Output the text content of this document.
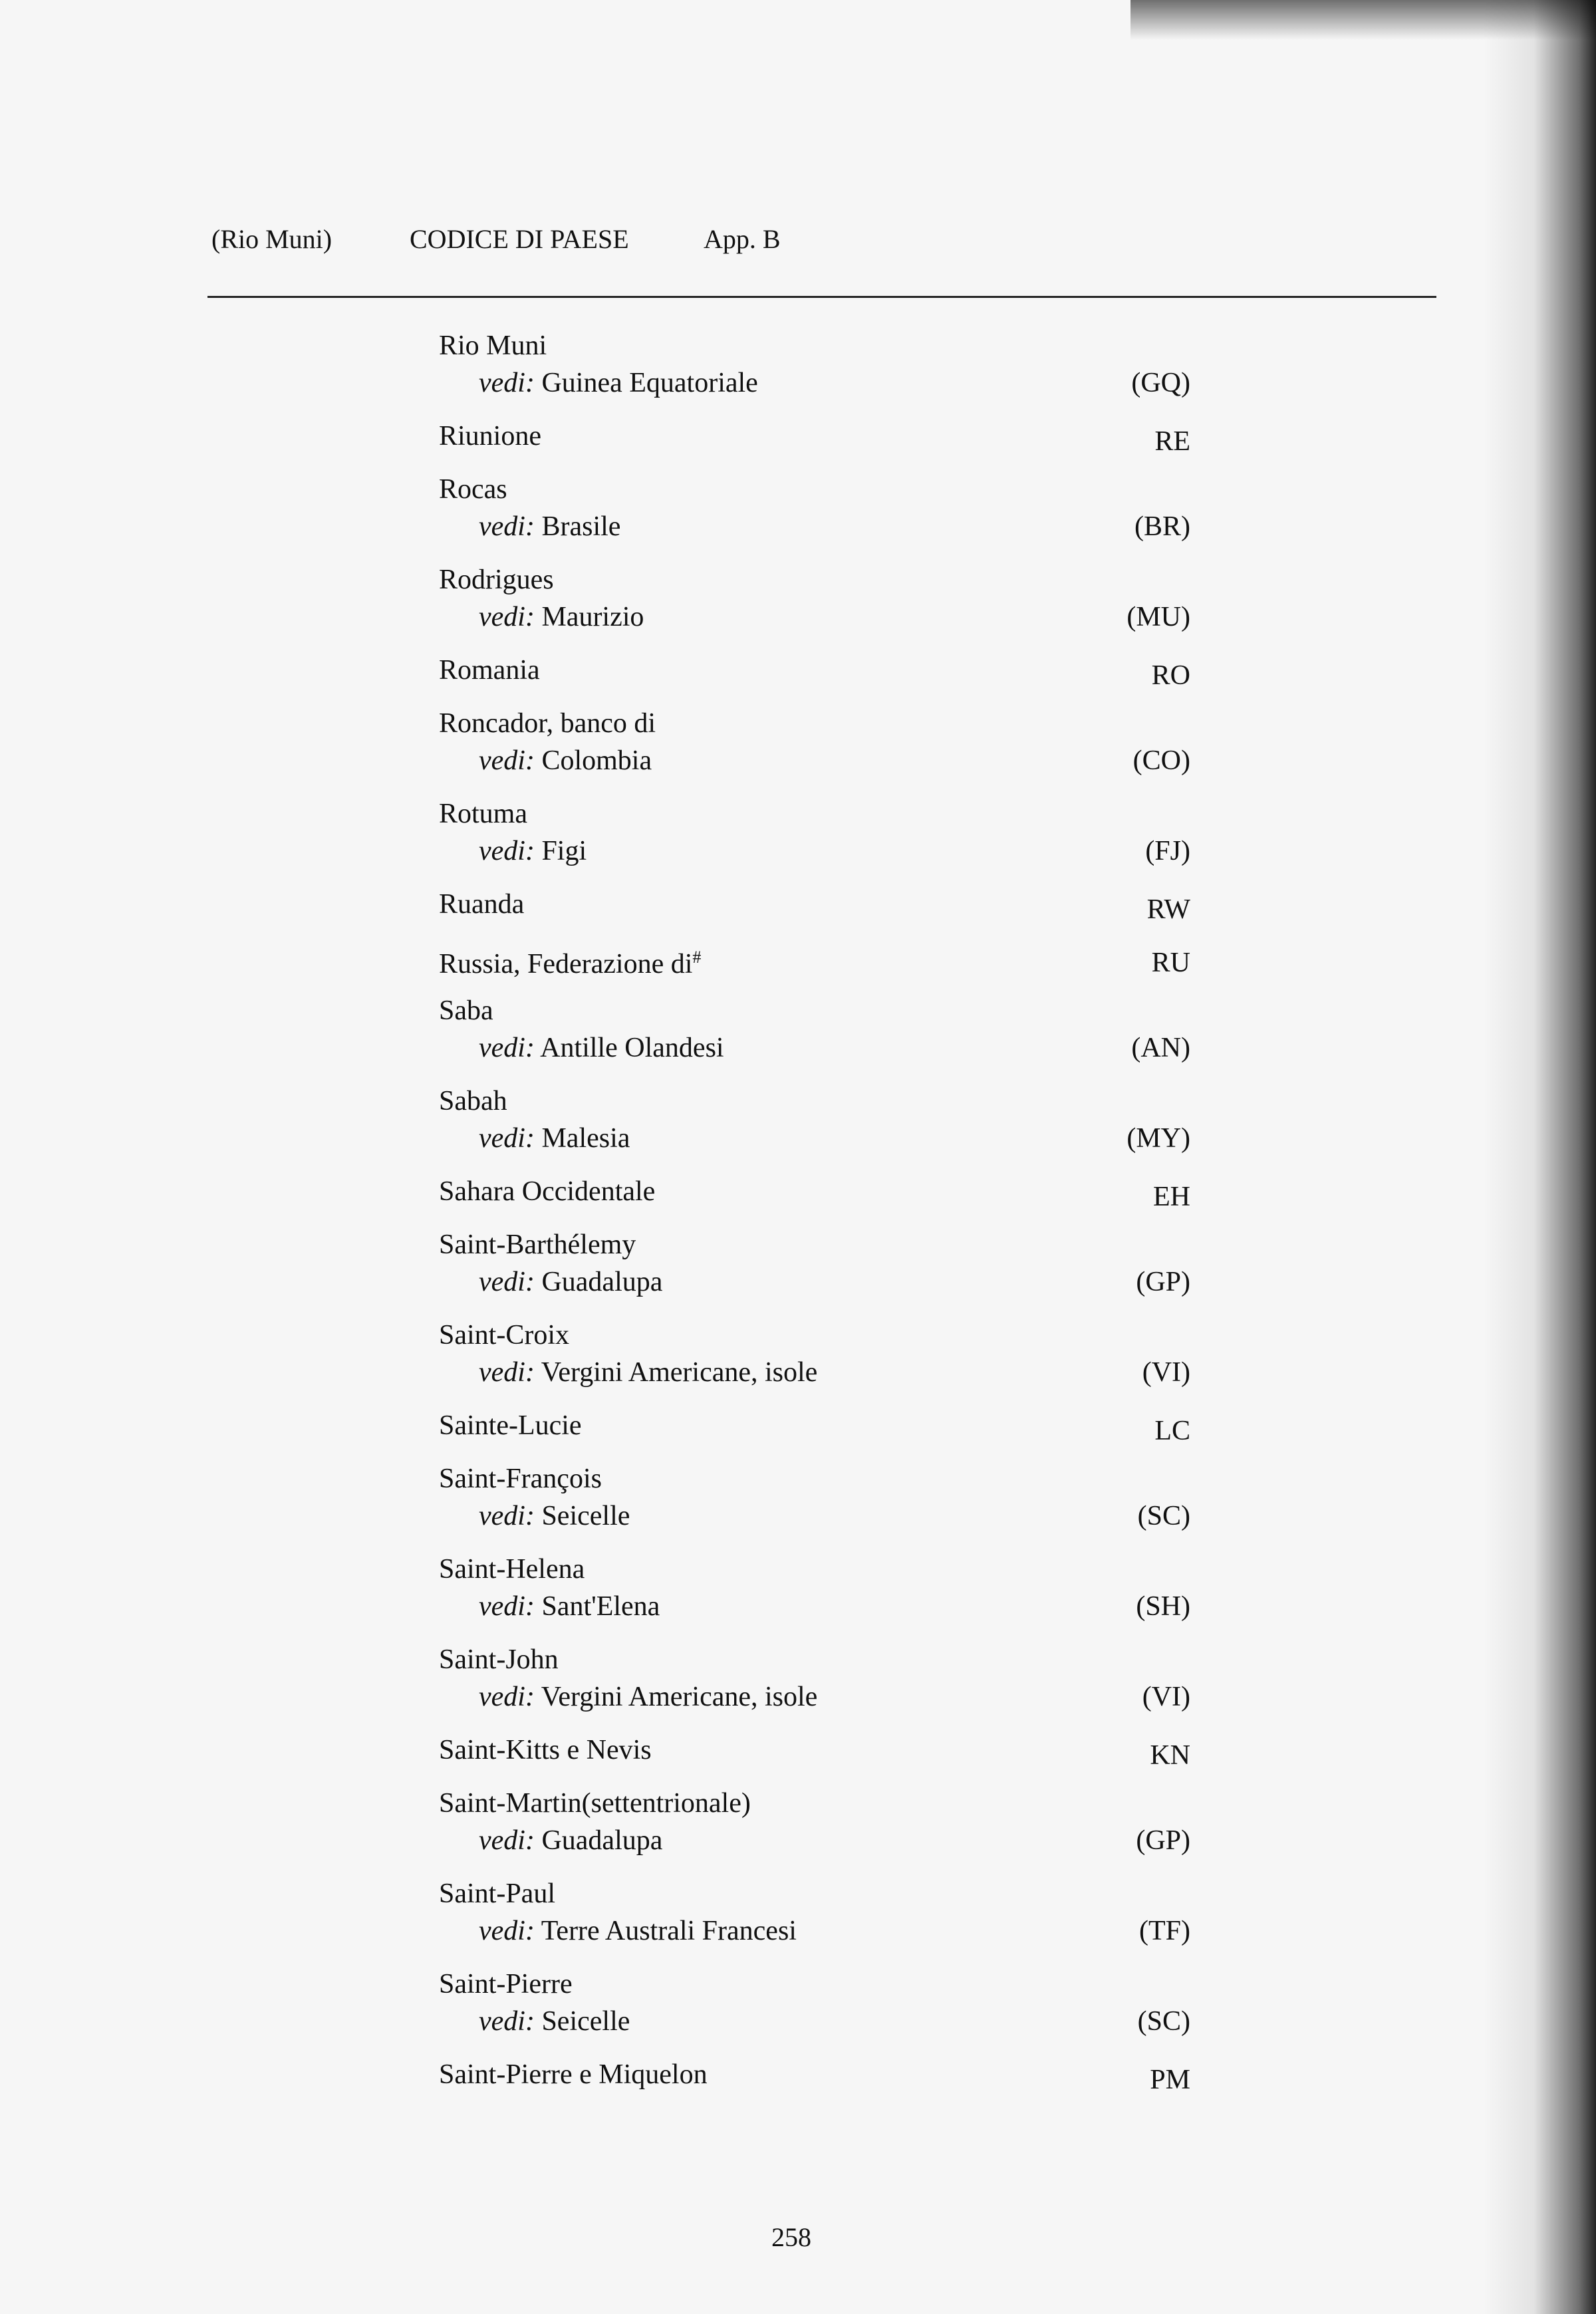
(Rio Muni)	CODICE DI PAESE	App. B
Rio Muni
vedi: Guinea Equatoriale	(GQ)
Riunione	RE
Rocas
vedi: Brasile	(BR)
Rodrigues
vedi: Maurizio	(MU)
Romania	RO
Roncador, banco di
vedi: Colombia	(CO)
Rotuma
vedi: Figi	(FJ)
Ruanda	RW
Russia, Federazione di#	RU
Saba
vedi: Antille Olandesi	(AN)
Sabah
vedi: Malesia	(MY)
Sahara Occidentale	EH
Saint-Barthélemy
vedi: Guadalupa	(GP)
Saint-Croix
vedi: Vergini Americane, isole	(VI)
Sainte-Lucie	LC
Saint-François
vedi: Seicelle	(SC)
Saint-Helena
vedi: Sant'Elena	(SH)
Saint-John
vedi: Vergini Americane, isole	(VI)
Saint-Kitts e Nevis	KN
Saint-Martin(settentrionale)
vedi: Guadalupa	(GP)
Saint-Paul
vedi: Terre Australi Francesi	(TF)
Saint-Pierre
vedi: Seicelle	(SC)
Saint-Pierre e Miquelon	PM
258
